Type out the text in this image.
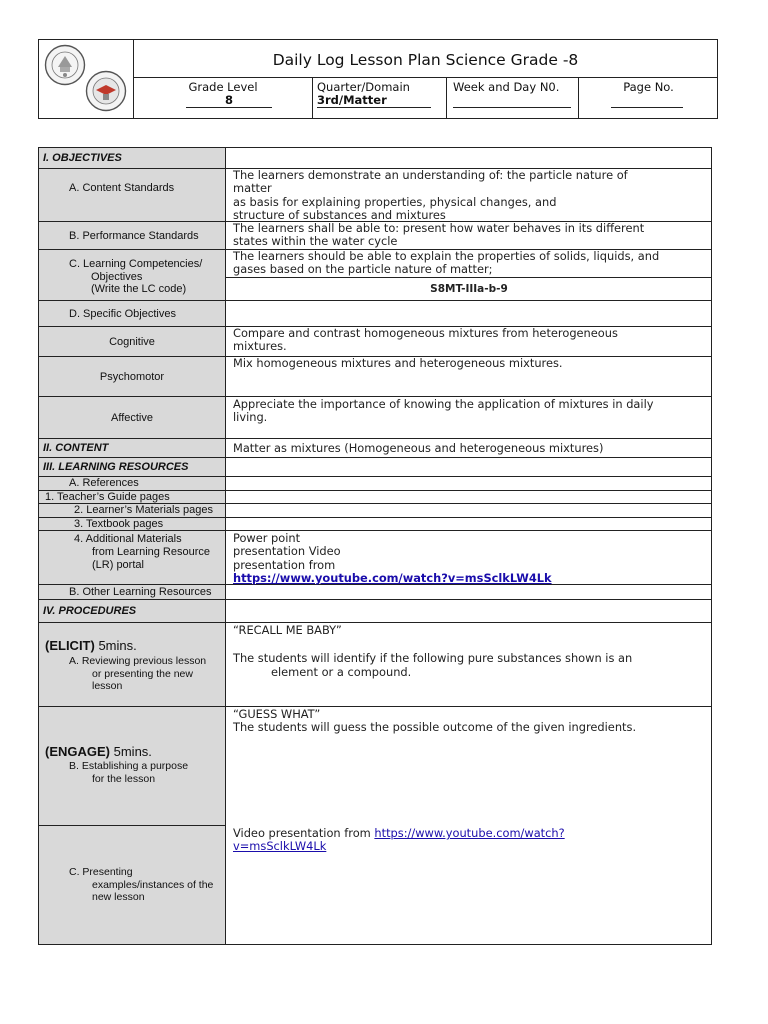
Daily Log Lesson Plan Science Grade -8
Grade Level
8
Quarter/Domain
3rd/Matter
Week and Day N0.	Page No.
I. OBJECTIVES
A. Content Standards
The learners demonstrate an understanding of: the particle nature of
matter
as basis for explaining properties, physical changes, and
structure of substances and mixtures
B. Performance Standards
The learners shall be able to: present how water behaves in its different
states within the water cycle
C. Learning Competencies/
Objectives
(Write the LC code)
The learners should be able to explain the properties of solids, liquids, and
gases based on the particle nature of matter;
S8MT-IIIa-b-9
D. Specific Objectives
Cognitive
Compare and contrast homogeneous mixtures from heterogeneous
mixtures.
Psychomotor
Mix homogeneous mixtures and heterogeneous mixtures.
Affective
Appreciate the importance of knowing the application of mixtures in daily
living.
II. CONTENT	Matter as mixtures (Homogeneous and heterogeneous mixtures)
III. LEARNING RESOURCES
A. References
1. Teacher’s Guide pages
2. Learner’s Materials pages
3. Textbook pages
4. Additional Materials
from Learning Resource
(LR) portal
Power point
presentation Video
presentation from
https://www.youtube.com/watch?v=msSclkLW4Lk
B. Other Learning Resources
IV. PROCEDURES
(ELICIT) 5mins.
A. Reviewing previous lesson
or presenting the new
lesson
“RECALL ME BABY”
The students will identify if the following pure substances shown is an
element or a compound.
(ENGAGE) 5mins.
B. Establishing a purpose
for the lesson
“GUESS WHAT”
The students will guess the possible outcome of the given ingredients.
Video presentation from https://www.youtube.com/watch?
v=msSclkLW4Lk
C. Presenting
examples/instances of the
new lesson
